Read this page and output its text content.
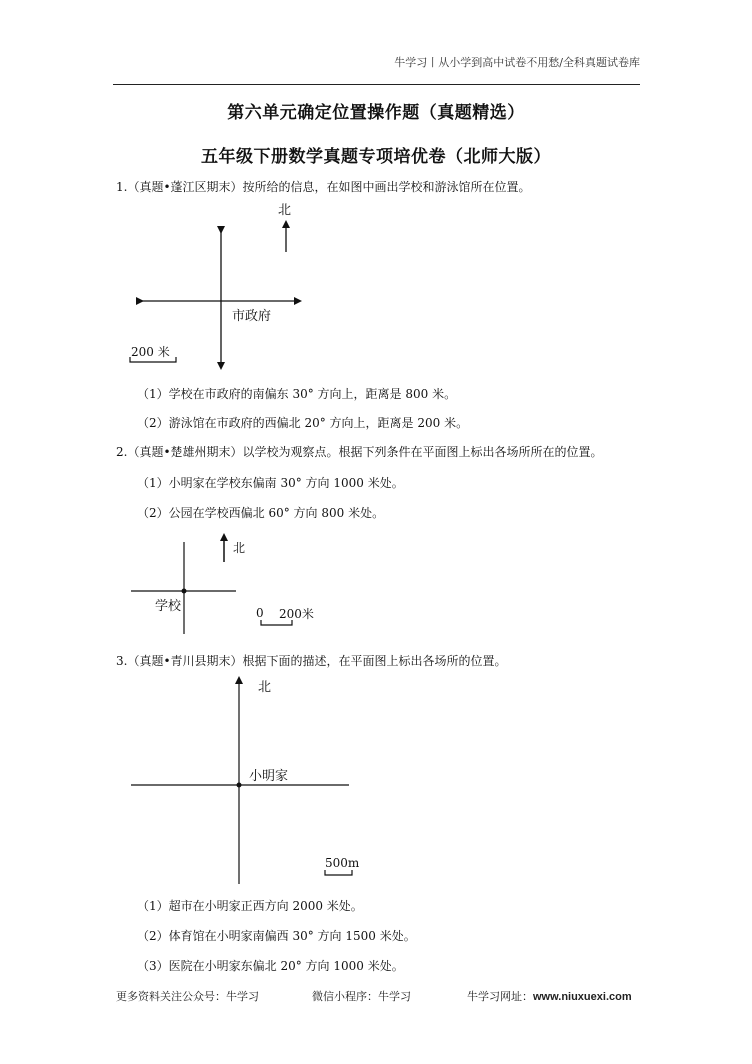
牛学习丨从小学到高中试卷不用愁/全科真题试卷库
第六单元确定位置操作题（真题精选）
五年级下册数学真题专项培优卷（北师大版）
1.（真题•蓬江区期末）按所给的信息，在如图中画出学校和游泳馆所在位置。
北
市政府
200 米
（1）学校在市政府的南偏东 30° 方向上，距离是 800 米。
（2）游泳馆在市政府的西偏北 20° 方向上，距离是 200 米。
2.（真题•楚雄州期末）以学校为观察点。根据下列条件在平面图上标出各场所所在的位置。
（1）小明家在学校东偏南 30° 方向 1000 米处。
（2）公园在学校西偏北 60° 方向 800 米处。
北
学校	0 200米
3.（真题•青川县期末）根据下面的描述，在平面图上标出各场所的位置。
北
小明家
500m
（1）超市在小明家正西方向 2000 米处。
（2）体育馆在小明家南偏西 30° 方向 1500 米处。
（3）医院在小明家东偏北 20° 方向 1000 米处。
更多资料关注公众号：牛学习	微信小程序：牛学习	牛学习网址：www.niuxuexi.com
